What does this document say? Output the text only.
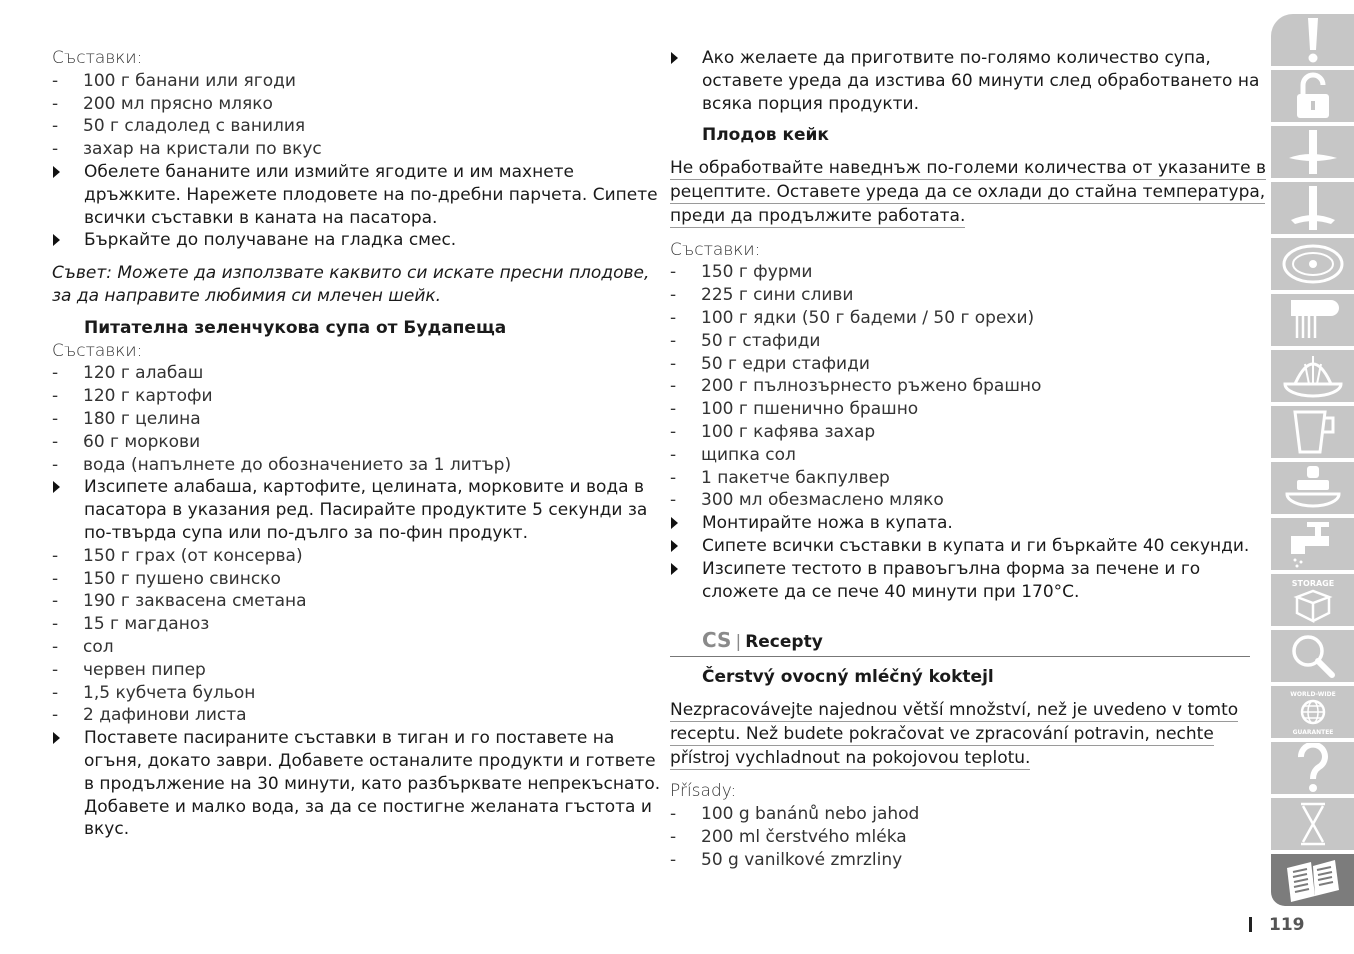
Съставки:
- 100 г банани или ягоди
- 200 мл прясно мляко
- 50 г сладолед с ванилия
- захар на кристали по вкус
Обелете бананите или измийте ягодите и им махнете
дръжките. Нарежете плодовете на по-дребни парчета. Сипете
всички съставки в каната на пасатора.
Бъркайте до получаване на гладка смес.
Съвет: Можете да използвате каквито си искате пресни плодове,
за да направите любимия си млечен шейк.
Питателна зеленчукова супа от Будапеща
Съставки:
- 120 г алабаш
- 120 г картофи
- 180 г целина
- 60 г моркови
- вода (напълнете до обозначението за 1 литър)
Изсипете алабаша, картофите, целината, морковите и вода в
пасатора в указания ред. Пасирайте продуктите 5 секунди за
по-твърда супа или по-дълго за по-фин продукт.
- 150 г грах (от консерва)
- 150 г пушено свинско
- 190 г заквасена сметана
- 15 г магданоз
- сол
- червен пипер
- 1,5 кубчета бульон
- 2 дафинови листа
Поставете пасираните съставки в тиган и го поставете на
огъня, докато заври. Добавете останалите продукти и гответе
в продължение на 30 минути, като разбърквате непрекъснато.
Добавете и малко вода, за да се постигне желаната гъстота и
вкус.
Ако желаете да приготвите по-голямо количество супа,
оставете уреда да изстива 60 минути след обработването на
всяка порция продукти.
Плодов кейк
Не обработвайте наведнъж по-големи количества от указаните в
рецептите. Оставете уреда да се охлади до стайна температура,
преди да продължите работата.
Съставки:
- 150 г фурми
- 225 г сини сливи
- 100 г ядки (50 г бадеми / 50 г орехи)
- 50 г стафиди
- 50 г едри стафиди
- 200 г пълнозърнесто ръжено брашно
- 100 г пшенично брашно
- 100 г кафява захар
- щипка сол
- 1 пакетче бакпулвер
- 300 мл обезмаслено мляко
Монтирайте ножа в купата.
Сипете всички съставки в купата и ги бъркайте 40 секунди.
Изсипете тестото в правоъгълна форма за печене и го
сложете да се пече 40 минути при 170°C.
CS | Recepty
Čerstvý ovocný mléčný koktejl
Nezpracovávejte najednou větší množství, než je uvedeno v tomto
receptu. Než budete pokračovat ve zpracování potravin, nechte
přístroj vychladnout na pokojovou teplotu.
Přísady:
- 100 g banánů nebo jahod
- 200 ml čerstvého mléka
- 50 g vanilkové zmrzliny
STORAGE
WORLD-WIDE
GUARANTEE
119
